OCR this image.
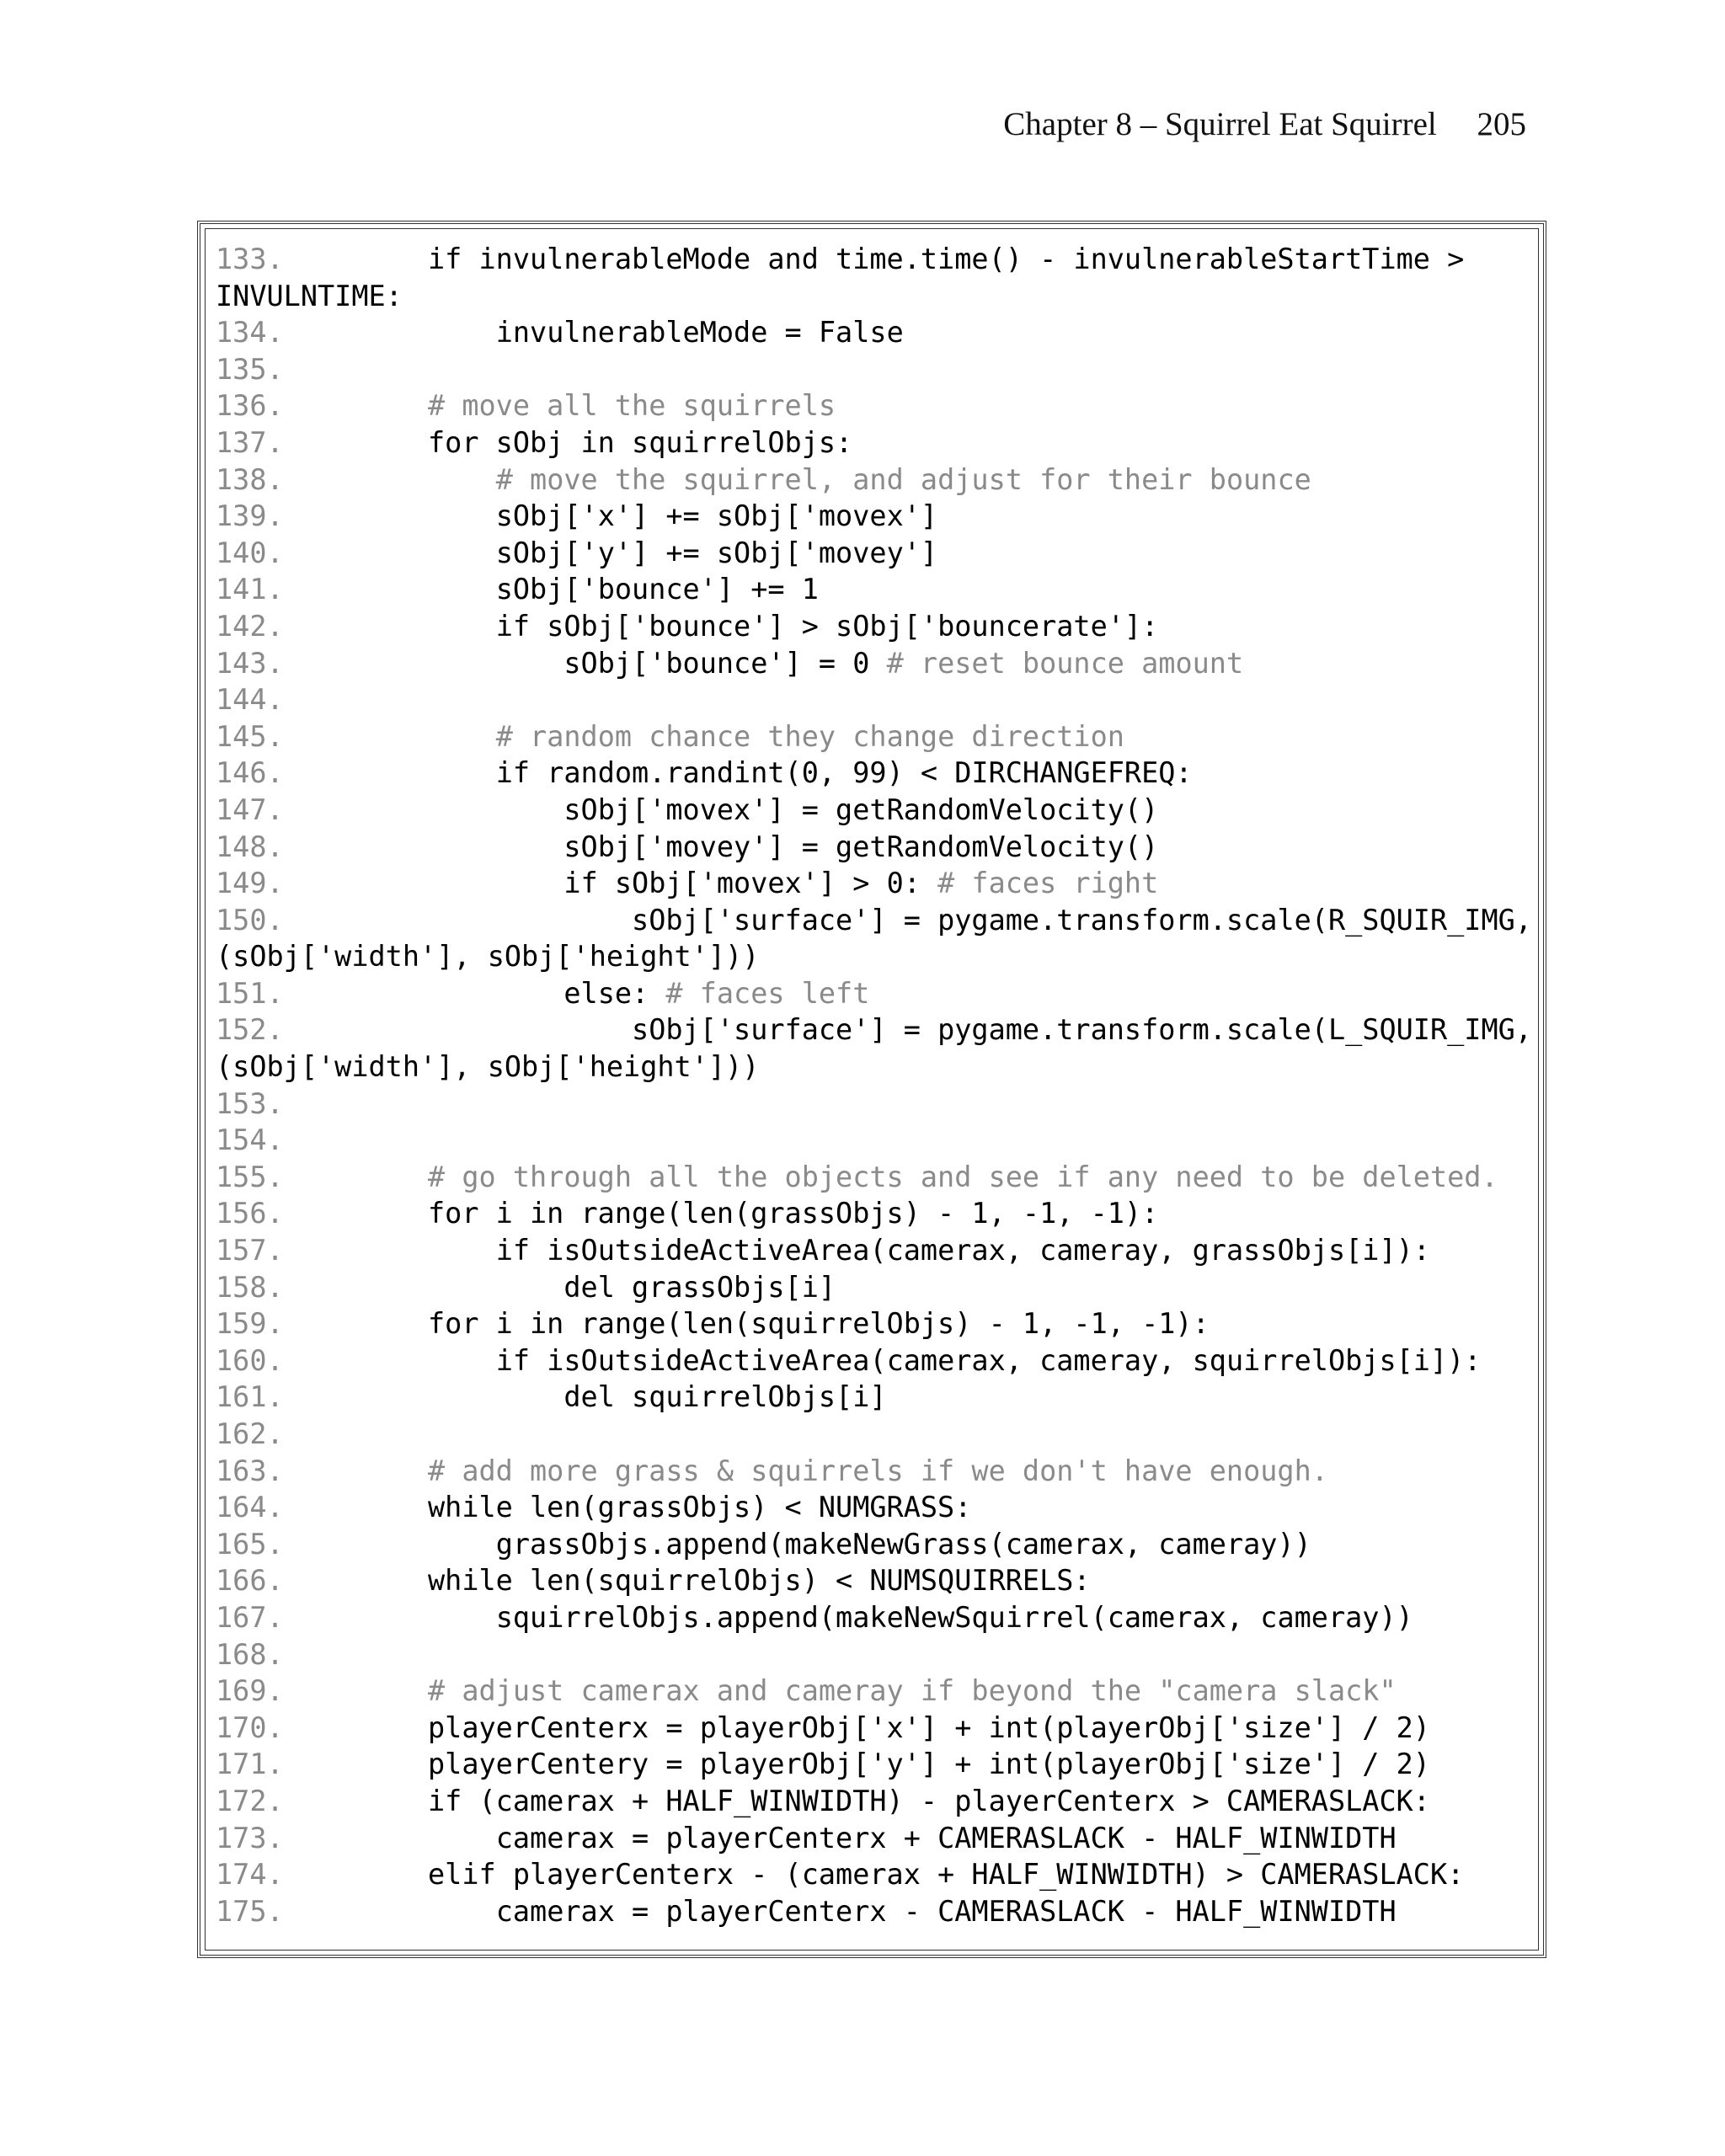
Chapter 8 – Squirrel Eat Squirrel 205
133.	if invulnerableMode and time.time() - invulnerableStartTime >
INVULNTIME:
134.	invulnerableMode = False
135.
136.	# move all the squirrels
137.	for sObj in squirrelObjs:
138.	# move the squirrel, and adjust for their bounce
139.	sObj['x'] += sObj['movex']
140.	sObj['y'] += sObj['movey']
141.	sObj['bounce'] += 1
142.	if sObj['bounce'] > sObj['bouncerate']:
143.	sObj['bounce'] = 0 # reset bounce amount
144.
145.	# random chance they change direction
146.	if random.randint(0, 99) < DIRCHANGEFREQ:
147.	sObj['movex'] = getRandomVelocity()
148.	sObj['movey'] = getRandomVelocity()
149.	if sObj['movex'] > 0: # faces right
150.	sObj['surface'] = pygame.transform.scale(R_SQUIR_IMG,
(sObj['width'], sObj['height']))
151.	else: # faces left
152.	sObj['surface'] = pygame.transform.scale(L_SQUIR_IMG,
(sObj['width'], sObj['height']))
153.
154.
155.	# go through all the objects and see if any need to be deleted.
156.	for i in range(len(grassObjs) - 1, -1, -1):
157.	if isOutsideActiveArea(camerax, cameray, grassObjs[i]):
158.	del grassObjs[i]
159.	for i in range(len(squirrelObjs) - 1, -1, -1):
160.	if isOutsideActiveArea(camerax, cameray, squirrelObjs[i]):
161.	del squirrelObjs[i]
162.
163.	# add more grass & squirrels if we don't have enough.
164.	while len(grassObjs) < NUMGRASS:
165.	grassObjs.append(makeNewGrass(camerax, cameray))
166.	while len(squirrelObjs) < NUMSQUIRRELS:
167.	squirrelObjs.append(makeNewSquirrel(camerax, cameray))
168.
169.	# adjust camerax and cameray if beyond the "camera slack"
170.	playerCenterx = playerObj['x'] + int(playerObj['size'] / 2)
171.	playerCentery = playerObj['y'] + int(playerObj['size'] / 2)
172.	if (camerax + HALF_WINWIDTH) - playerCenterx > CAMERASLACK:
173.	camerax = playerCenterx + CAMERASLACK - HALF_WINWIDTH
174.	elif playerCenterx - (camerax + HALF_WINWIDTH) > CAMERASLACK:
175.	camerax = playerCenterx - CAMERASLACK - HALF_WINWIDTH
